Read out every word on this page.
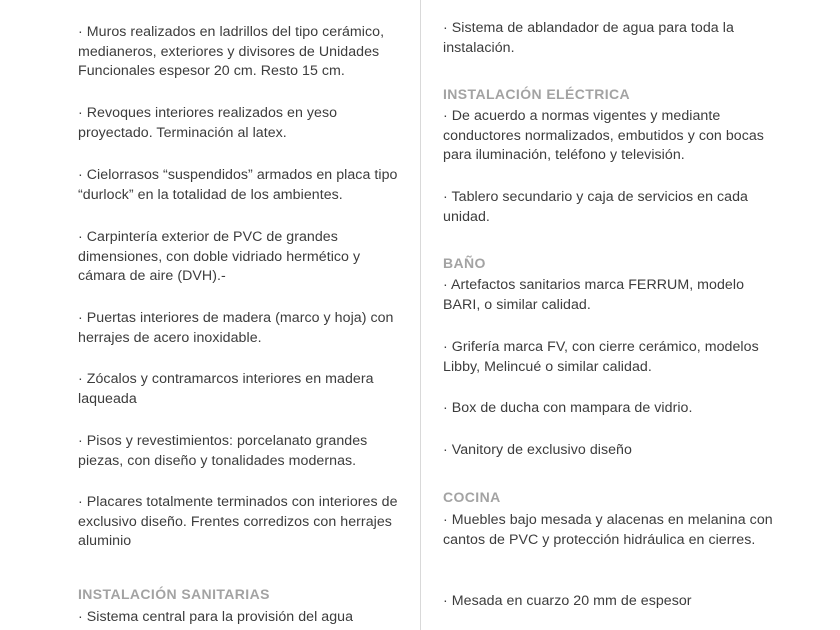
· Muros realizados en ladrillos del tipo cerámico, medianeros, exteriores y divisores de Unidades Funcionales espesor 20 cm. Resto 15 cm.

· Revoques interiores realizados en yeso proyectado. Terminación al latex.

· Cielorrasos “suspendidos” armados en placa tipo “durlock” en la totalidad de los ambientes.

· Carpintería exterior de PVC de grandes dimensiones, con doble vidriado hermético y cámara de aire (DVH).-

· Puertas interiores de madera (marco y hoja) con herrajes de acero inoxidable.

· Zócalos y contramarcos interiores en madera laqueada

· Pisos y revestimientos: porcelanato grandes piezas, con diseño y tonalidades modernas.

· Placares totalmente terminados con interiores de exclusivo diseño. Frentes corredizos con herrajes aluminio

INSTALACIÓN SANITARIAS

· Sistema central para la provisión del agua

· Sistema de ablandador de agua para toda la instalación.

INSTALACIÓN ELÉCTRICA

· De acuerdo a normas vigentes y mediante conductores normalizados, embutidos y con bocas para iluminación, teléfono y televisión.

· Tablero secundario y caja de servicios en cada unidad.

BAÑO

· Artefactos sanitarios marca FERRUM, modelo BARI, o similar calidad.

· Grifería marca FV, con cierre cerámico, modelos Libby, Melincué o similar calidad.

· Box de ducha con mampara de vidrio.

· Vanitory de exclusivo diseño

COCINA

· Muebles bajo mesada y alacenas en melanina con cantos de PVC y protección hidráulica en cierres.

· Mesada en cuarzo 20 mm de espesor
